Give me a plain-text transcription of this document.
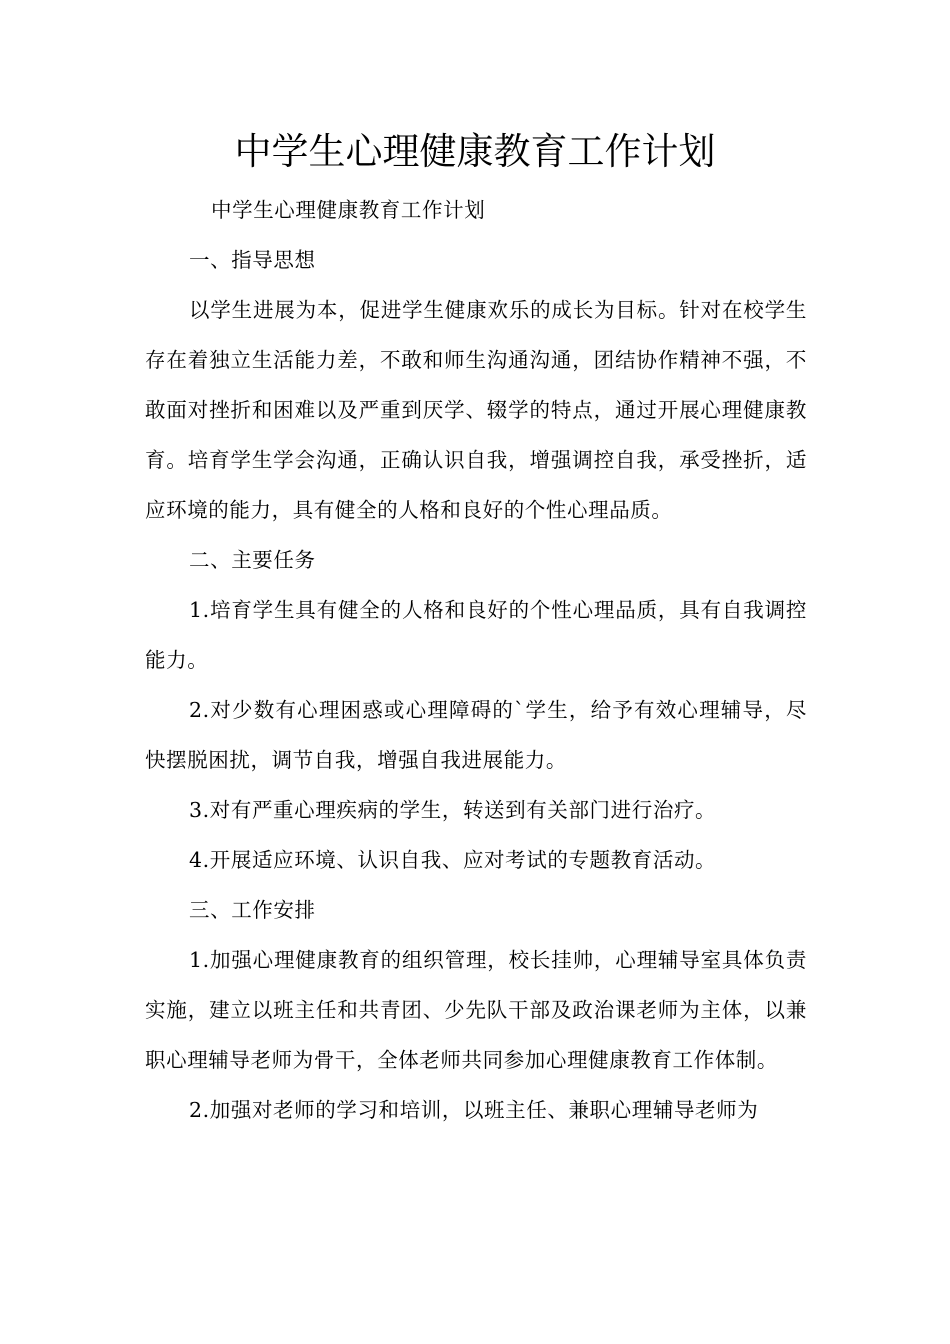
中学生心理健康教育工作计划

中学生心理健康教育工作计划

一、指导思想

以学生进展为本，促进学生健康欢乐的成长为目标。针对在校学生存在着独立生活能力差，不敢和师生沟通沟通，团结协作精神不强，不敢面对挫折和困难以及严重到厌学、辍学的特点，通过开展心理健康教育。培育学生学会沟通，正确认识自我，增强调控自我，承受挫折，适应环境的能力，具有健全的人格和良好的个性心理品质。

二、主要任务

1.培育学生具有健全的人格和良好的个性心理品质，具有自我调控能力。

2.对少数有心理困惑或心理障碍的`学生，给予有效心理辅导，尽快摆脱困扰，调节自我，增强自我进展能力。

3.对有严重心理疾病的学生，转送到有关部门进行治疗。

4.开展适应环境、认识自我、应对考试的专题教育活动。

三、工作安排

1.加强心理健康教育的组织管理，校长挂帅，心理辅导室具体负责实施，建立以班主任和共青团、少先队干部及政治课老师为主体，以兼职心理辅导老师为骨干，全体老师共同参加心理健康教育工作体制。

2.加强对老师的学习和培训，以班主任、兼职心理辅导老师为
